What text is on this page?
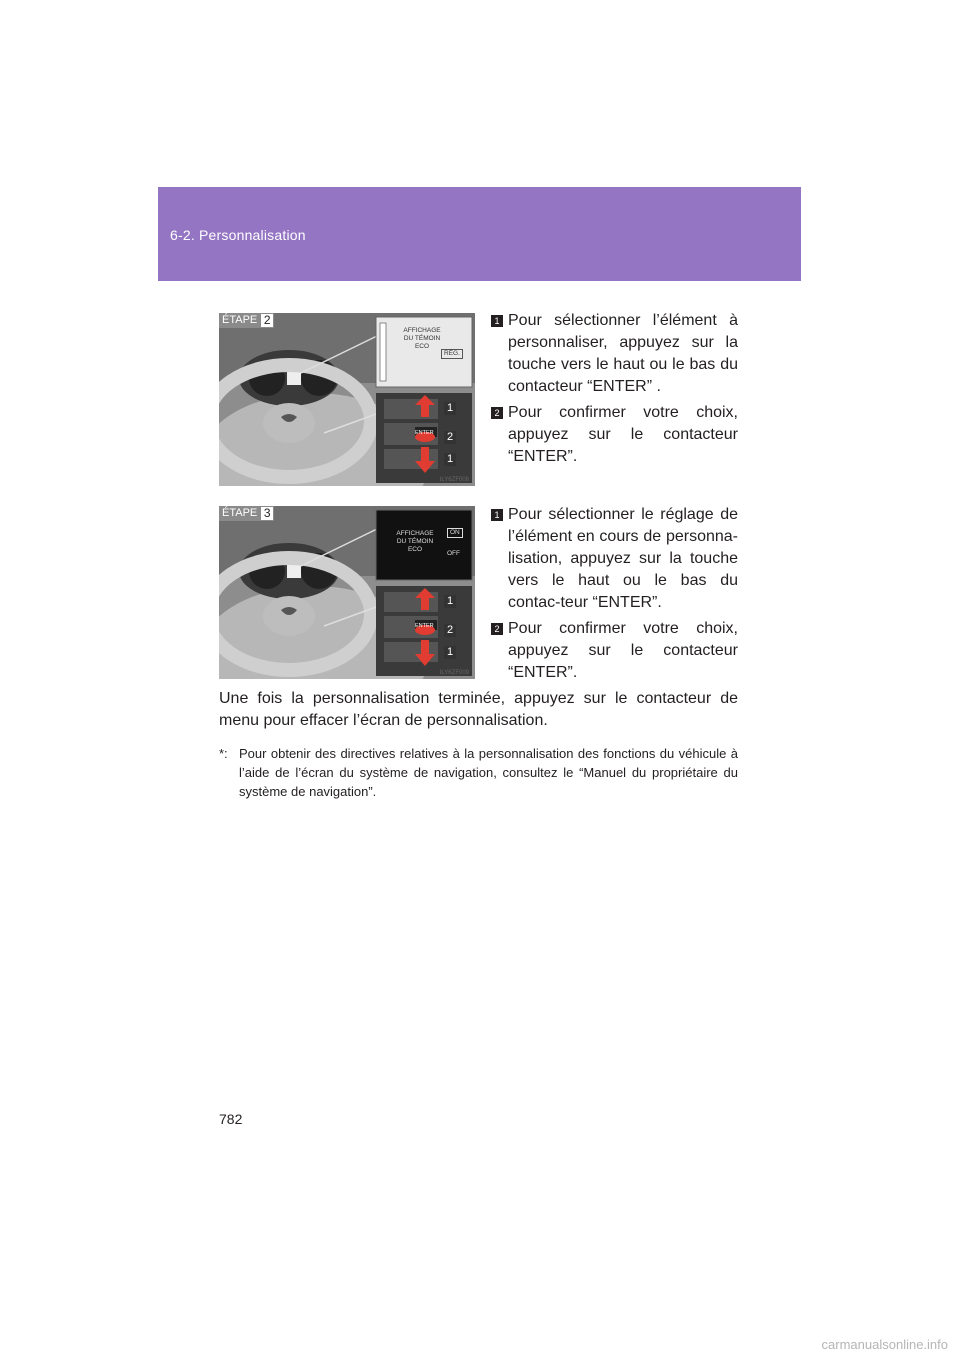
6-2. Personnalisation
ÉTAPE 2
AFFICHAGE
DU TÉMOIN
ECO
RÉG.
1
2
1
ENTER
ILY6ZF008
1 Pour sélectionner l’élément à personnaliser, appuyez sur la touche vers le haut ou le bas du contacteur “ENTER” .
2 Pour confirmer votre choix, appuyez sur le contacteur “ENTER”.
ÉTAPE 3
AFFICHAGE
DU TÉMOIN
ECO
ON
OFF
1
2
1
ENTER
ILY6ZF009
1 Pour sélectionner le réglage de l’élément en cours de personna-lisation, appuyez sur la touche vers le haut ou le bas du contac-teur “ENTER”.
2 Pour confirmer votre choix, appuyez sur le contacteur “ENTER”.
Une fois la personnalisation terminée, appuyez sur le contacteur de menu pour effacer l’écran de personnalisation.
*: Pour obtenir des directives relatives à la personnalisation des fonctions du véhicule à l’aide de l’écran du système de navigation, consultez le “Manuel du propriétaire du système de navigation”.
782
carmanualsonline.info
